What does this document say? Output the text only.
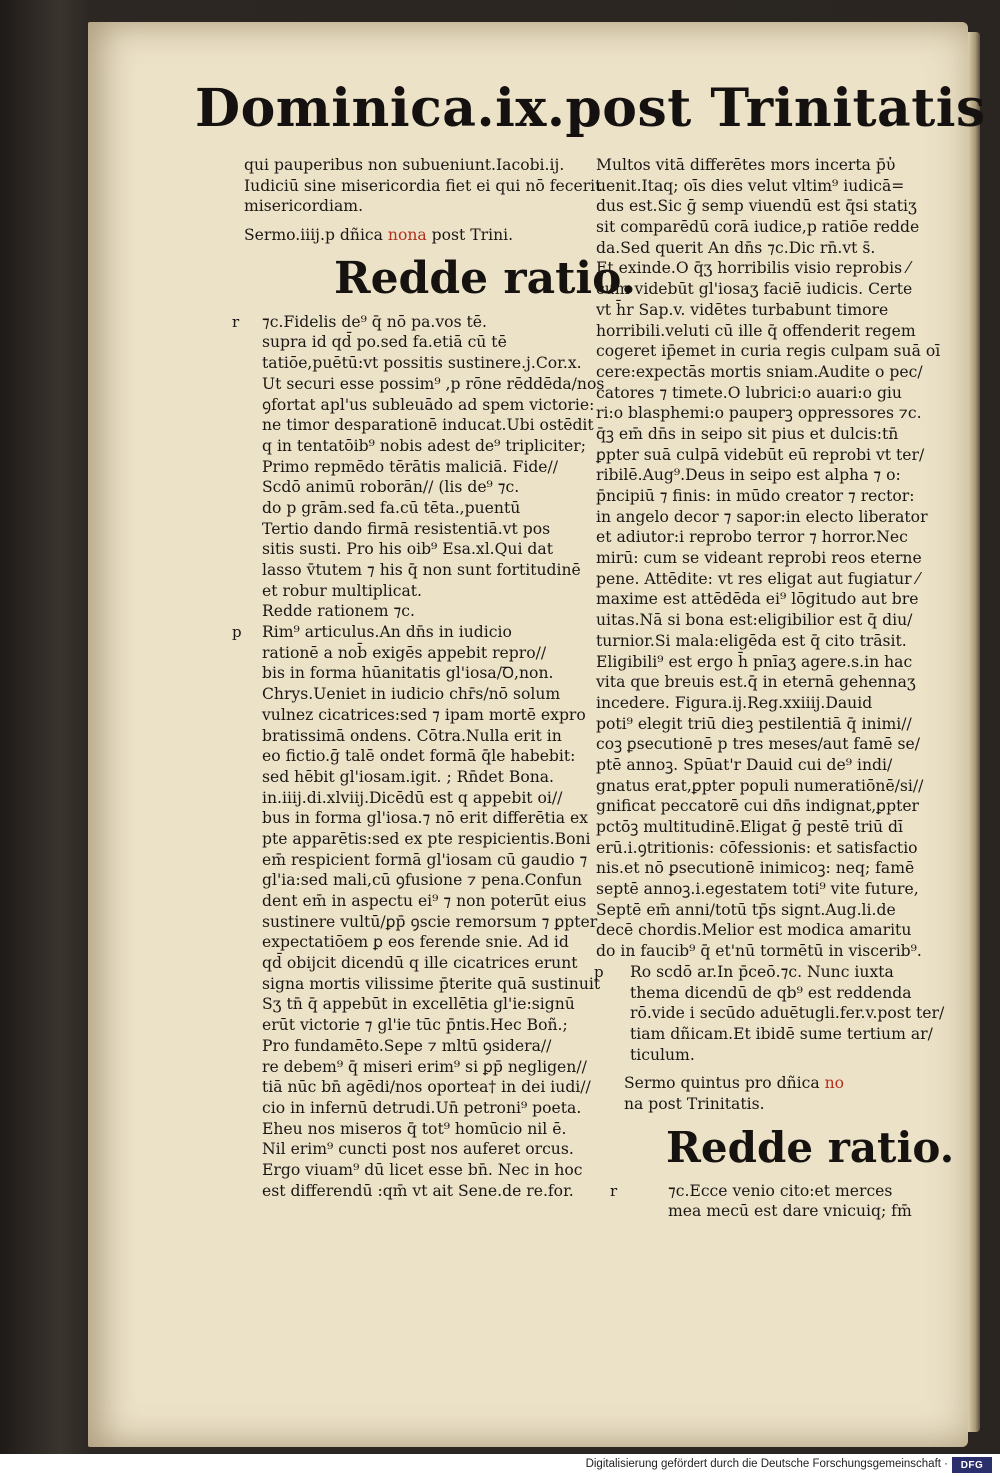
Dominica.ix.post Trinitatis
qui pauperibus non subueniunt.Iacobi.ij.
Iudiciū sine misericordia fiet ei qui nō fecerit
misericordiam.
Sermo.iiij.p dñica nona post Trini.
Redde ratio.
r ⁊c.Fidelis de⁹ q̄ nō pa.vos tē.
supra id qd̄ po.sed fa.etiā cū tē
tatiōe,puētū:vt possitis sustinere.j.Cor.x.
Ut securi esse possim⁹ ,p rōne rēddēda/nos
ꝯfortat apl'us subleuādo ad spem victorie:
ne timor desparationē inducat.Ubi ostēdit
q in tentatōib⁹ nobis adest de⁹ tripliciter;
Primo repmēdo tērātis maliciā. Fide//
Scdō animū roborān// (lis de⁹ ⁊c.
do p grām.sed fa.cū tēta.,puentū
Tertio dando firmā resistentiā.vt pos
sitis susti. Pro his oib⁹ Esa.xl.Qui dat
lasso v̄tutem ⁊ his q̄ non sunt fortitudinē
et robur multiplicat.
Redde rationem ⁊c.
p Rim⁹ articulus.An dn̄s in iudicio
rationē a nob̄ exigēs appebit repro//
bis in forma hūanitatis gl'iosa/Ꝺ,non.
Chrys.Ueniet in iudicio chr̄s/nō solum
vulnez cicatrices:sed ⁊ ipam mortē expro
bratissimā ondens. Cōtra.Nulla erit in
eo fictio.ḡ talē ondet formā q̄le habebit:
sed hēbit gl'iosam.igit. ; Rn̄det Bona.
in.iiij.di.xlviij.Dicēdū est q appebit oi//
bus in forma gl'iosa.⁊ nō erit differētia ex
pte apparētis:sed ex pte respicientis.Boni
em̄ respicient formā gl'iosam cū gaudio ⁊
gl'ia:sed mali,cū ꝯfusione ⁊ pena.Confun
dent em̄ in aspectu ei⁹ ⁊ non poterūt eius
sustinere vultū/ꝑp̄ ꝯscie remorsum ⁊ ꝑpter
expectatiōem ꝑ eos ferende snie. Ad id
qd̄ obijcit dicendū q ille cicatrices erunt
signa mortis vilissime p̄terite quā sustinuit
Sʒ tn̄ q̄ appebūt in excellētia gl'ie:signū
erūt victorie ⁊ gl'ie tūc p̄ntis.Hec Boñ.;
Pro fundamēto.Sepe ⁊ mltū ꝯsidera//
re debem⁹ q̄ miseri erim⁹ si ꝑp̄ negligen//
tiā nūc bn̄ agēdi/nos oportea† in dei iudi//
cio in infernū detrudi.Un̄ petroni⁹ poeta.
Eheu nos miseros q̄ tot⁹ homūcio nil ē.
Nil erim⁹ cuncti post nos auferet orcus.
Ergo viuam⁹ dū licet esse bn̄. Nec in hoc
est differendū :qm̄ vt ait Sene.de re.for.
Multos vitā differētes mors incerta p̄ὑ
uenit.Itaq; oīs dies velut vltim⁹ iudicā=
dus est.Sic ḡ semp viuendū est q̄si statiʒ
sit comparēdū corā iudice,p ratiōe redde
da.Sed querit An dn̄s ⁊c.Dic rn̄.vt s̄.
Et exinde.O q̄ʒ horribilis visio reprobis ⁄
cum videbūt gl'iosaʒ faciē iudicis. Certe
vt h̄r Sap.v. vidētes turbabunt timore
horribili.veluti cū ille q̄ offenderit regem
cogeret ip̄emet in curia regis culpam suā oī
cere:expectās mortis sniam.Audite o pec/
catores ⁊ timete.O lubrici:o auari:o giu
ri:o blasphemi:o pauperꝫ oppressores ⁊c.
q̄ꝫ em̄ dn̄s in seipo sit pius et dulcis:tn̄
ꝑpter suā culpā videbūt eū reprobi vt ter/
ribilē.Aug⁹.Deus in seipo est alpha ⁊ o:
p̄ncipiū ⁊ finis: in mūdo creator ⁊ rector:
in angelo decor ⁊ sapor:in electo liberator
et adiutor:i reprobo terror ⁊ horror.Nec
mirū: cum se videant reprobi reos eterne
pene. Attēdite: vt res eligat aut fugiatur ⁄
maxime est attēdēda ei⁹ lōgitudo aut bre
uitas.Nā si bona est:eligibilior est q̄ diu/
turnior.Si mala:eligēda est q̄ cito trāsit.
Eligibili⁹ est ergo h̄ pnīaʒ agere.s.in hac
vita que breuis est.q̄ in eternā gehennaʒ
incedere. Figura.ij.Reg.xxiiij.Dauid
poti⁹ elegit triū dieꝫ pestilentiā q̄ inimi//
coꝫ ꝑsecutionē p tres meses/aut famē se/
ptē annoꝫ. Spūat'r Dauid cui de⁹ indi/
gnatus erat,ꝑpter populi numeratiōnē/si//
gnificat peccatorē cui dn̄s indignat,ꝑpter
pctōꝫ multitudinē.Eligat ḡ pestē triū dī
erū.i.ꝯtritionis: cōfessionis: et satisfactio
nis.et nō ꝑsecutionē inimicoꝫ: neq; famē
septē annoꝫ.i.egestatem toti⁹ vite future,
Septē em̄ anni/totū tp̄s signt.Aug.li.de
decē chordis.Melior est modica amaritu
do in faucib⁹ q̄ et'nū tormētū in viscerib⁹.
p Ro scdō ar.In p̄ceō.⁊c. Nunc iuxta
thema dicendū de qb⁹ est reddenda
rō.vide i secūdo aduētugli.fer.v.post ter/
tiam dñicam.Et ibidē sume tertium ar/
ticulum.
Sermo quintus pro dñica no
na post Trinitatis.
Redde ratio.
r	⁊c.Ecce venio cito:et merces
mea mecū est dare vnicuiq; fm̄
Digitalisierung gefördert durch die Deutsche Forschungsgemeinschaft ·	DFG
